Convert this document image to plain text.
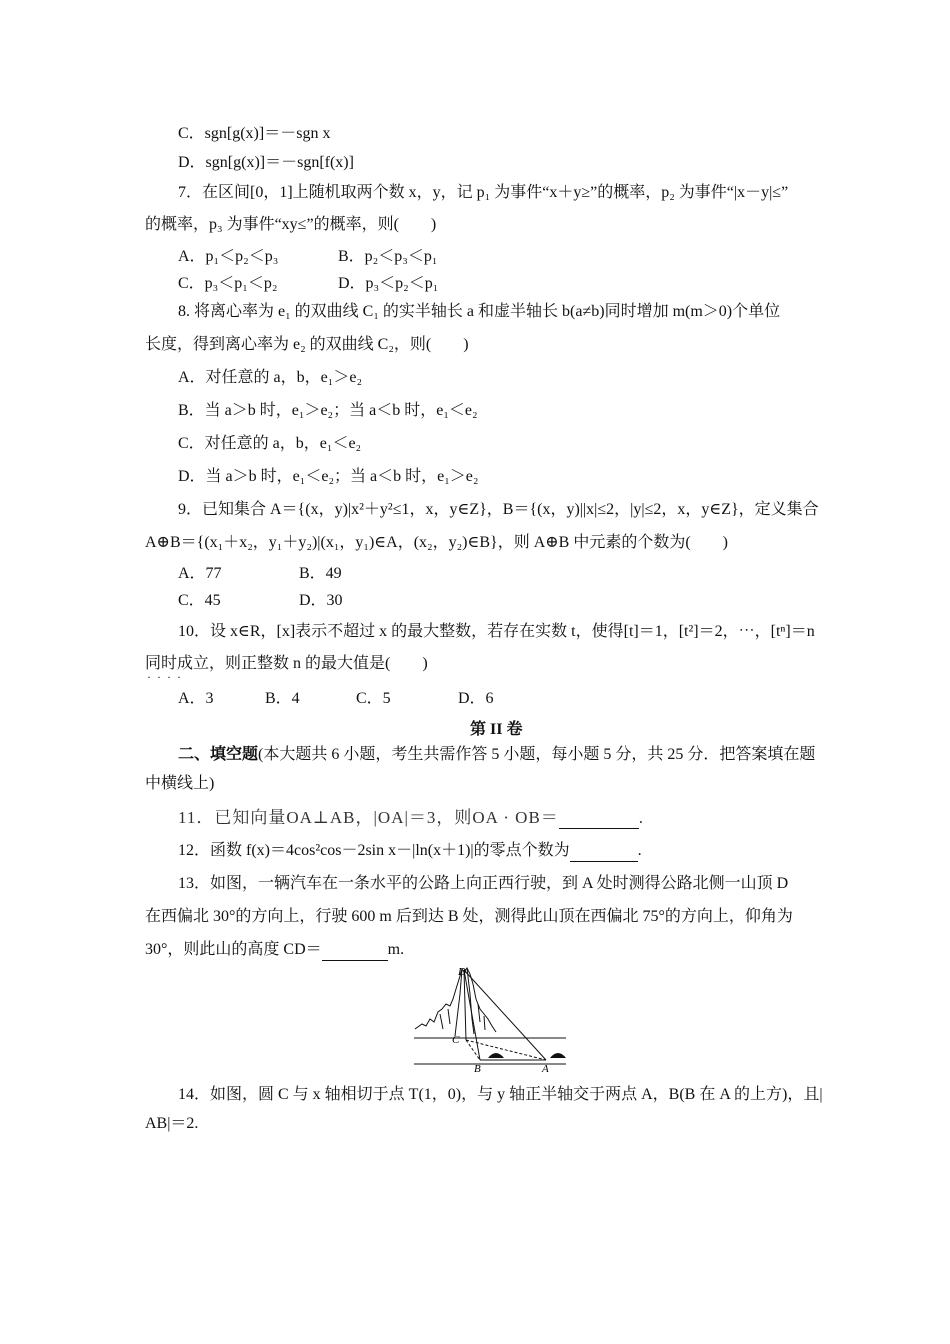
C．sgn[g(x)]＝－sgn x
D．sgn[g(x)]＝－sgn[f(x)]
7．在区间[0，1]上随机取两个数 x，y，记 p₁ 为事件“x＋y≥”的概率，p₂ 为事件“|x－y|≤”
的概率，p₃ 为事件“xy≤”的概率，则(　　)
A．p₁＜p₂＜p₃	B．p₂＜p₃＜p₁
C．p₃＜p₁＜p₂	D．p₃＜p₂＜p₁
8. 将离心率为 e₁ 的双曲线 C₁ 的实半轴长 a 和虚半轴长 b(a≠b)同时增加 m(m＞0)个单位
长度，得到离心率为 e₂ 的双曲线 C₂，则(　　)
A．对任意的 a，b，e₁＞e₂
B．当 a＞b 时，e₁＞e₂；当 a＜b 时，e₁＜e₂
C．对任意的 a，b，e₁＜e₂
D．当 a＞b 时，e₁＜e₂；当 a＜b 时，e₁＞e₂
9．已知集合 A＝{(x，y)|x²＋y²≤1，x，y∈Z}，B＝{(x，y)||x|≤2，|y|≤2，x，y∈Z}，定义集合
A⊕B＝{(x₁＋x₂，y₁＋y₂)|(x₁，y₁)∈A，(x₂，y₂)∈B}，则 A⊕B 中元素的个数为(　　)
A．77	B．49
C．45	D．30
10．设 x∈R，[x]表示不超过 x 的最大整数，若存在实数 t，使得[t]＝1，[t²]＝2，⋯，[tⁿ]＝n
同时成立，则正整数 n 的最大值是(　　)
····
A．3	B．4	C．5	D．6
第 II 卷
二、填空题(本大题共 6 小题，考生共需作答 5 小题，每小题 5 分，共 25 分．把答案填在题
中横线上)
11．已知向量OA⊥AB，|OA|＝3，则OA · OB＝	.
12．函数 f(x)＝4cos²cos－2sin x－|ln(x＋1)|的零点个数为	.
13．如图，一辆汽车在一条水平的公路上向正西行驶，到 A 处时测得公路北侧一山顶 D
在西偏北 30°的方向上，行驶 600 m 后到达 B 处，测得此山顶在西偏北 75°的方向上，仰角为
30°，则此山的高度 CD＝	m.
D
C
B	A
14．如图，圆 C 与 x 轴相切于点 T(1，0)，与 y 轴正半轴交于两点 A，B(B 在 A 的上方)，且|
AB|＝2.
